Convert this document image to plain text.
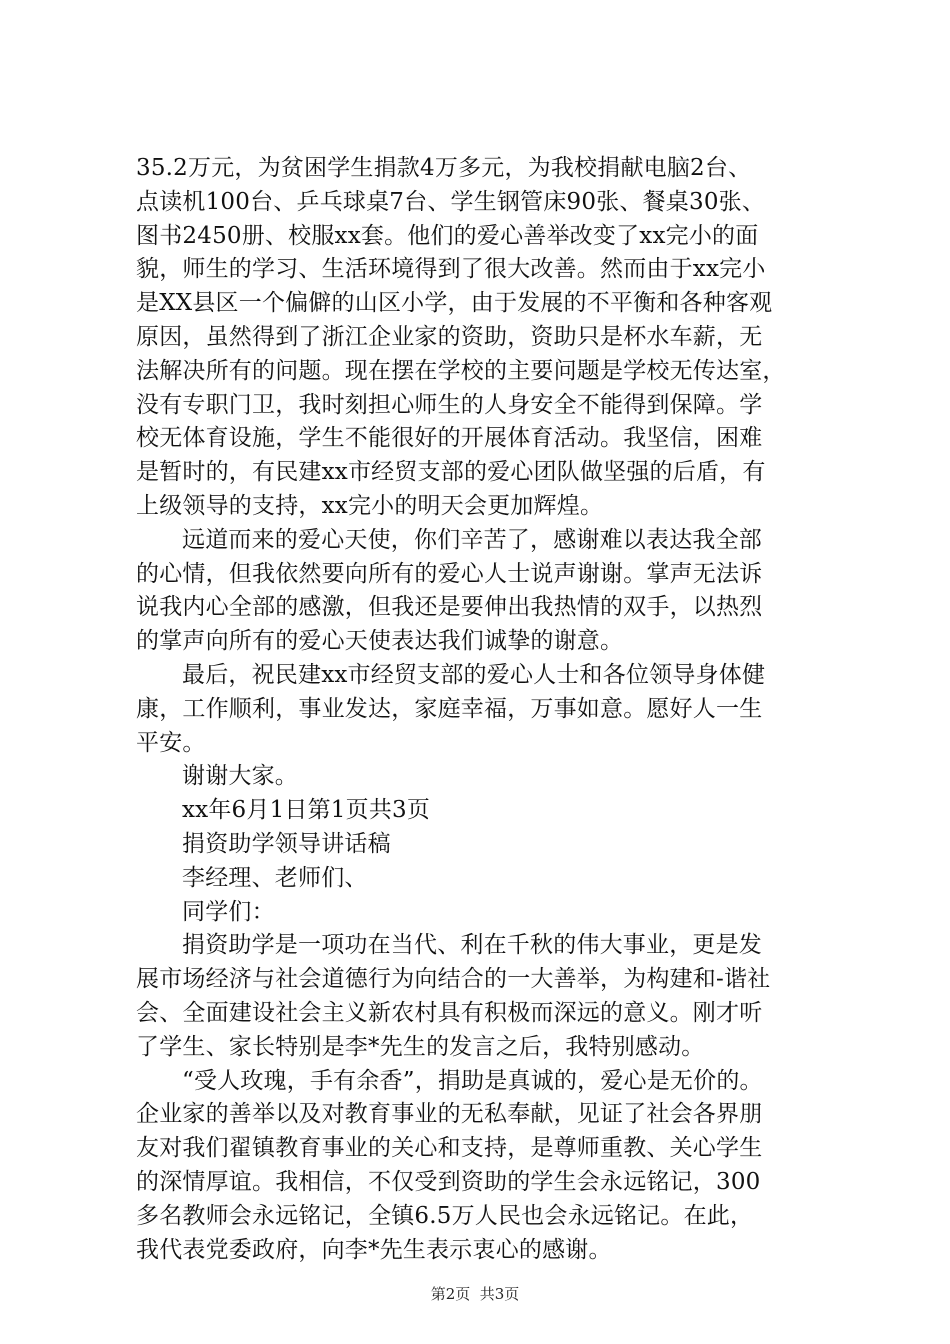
35.2万元，为贫困学生捐款4万多元，为我校捐献电脑2台、
点读机100台、乒乓球桌7台、学生钢管床90张、餐桌30张、
图书2450册、校服xx套。他们的爱心善举改变了xx完小的面
貌，师生的学习、生活环境得到了很大改善。然而由于xx完小
是XX县区一个偏僻的山区小学，由于发展的不平衡和各种客观
原因，虽然得到了浙江企业家的资助，资助只是杯水车薪，无
法解决所有的问题。现在摆在学校的主要问题是学校无传达室，
没有专职门卫，我时刻担心师生的人身安全不能得到保障。学
校无体育设施，学生不能很好的开展体育活动。我坚信，困难
是暂时的，有民建xx市经贸支部的爱心团队做坚强的后盾，有
上级领导的支持，xx完小的明天会更加辉煌。
远道而来的爱心天使，你们辛苦了，感谢难以表达我全部
的心情，但我依然要向所有的爱心人士说声谢谢。掌声无法诉
说我内心全部的感激，但我还是要伸出我热情的双手，以热烈
的掌声向所有的爱心天使表达我们诚挚的谢意。
最后，祝民建xx市经贸支部的爱心人士和各位领导身体健
康，工作顺利，事业发达，家庭幸福，万事如意。愿好人一生
平安。
谢谢大家。
xx年6月1日第1页共3页
捐资助学领导讲话稿
李经理、老师们、
同学们：
捐资助学是一项功在当代、利在千秋的伟大事业，更是发
展市场经济与社会道德行为向结合的一大善举，为构建和-谐社
会、全面建设社会主义新农村具有积极而深远的意义。刚才听
了学生、家长特别是李*先生的发言之后，我特别感动。
“受人玫瑰，手有余香”，捐助是真诚的，爱心是无价的。
企业家的善举以及对教育事业的无私奉献，见证了社会各界朋
友对我们翟镇教育事业的关心和支持，是尊师重教、关心学生
的深情厚谊。我相信，不仅受到资助的学生会永远铭记，300
多名教师会永远铭记，全镇6.5万人民也会永远铭记。在此，
我代表党委政府，向李*先生表示衷心的感谢。
第2页  共3页
